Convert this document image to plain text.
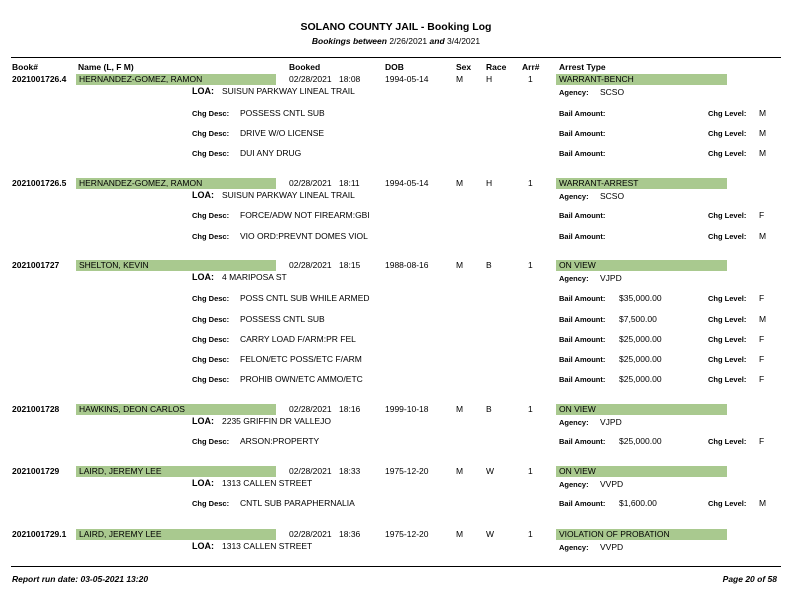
SOLANO COUNTY JAIL - Booking Log
Bookings between 2/26/2021 and 3/4/2021
Book#	Name (L, F M)	Booked	DOB	Sex Race Arr# Arrest Type
2021001726.4	HERNANDEZ-GOMEZ, RAMON	02/28/2021 18:08	1994-05-14	M	H	1	WARRANT-BENCH
LOA: SUISUN PARKWAY LINEAL TRAIL	Agency: SCSO
Chg Desc: POSSESS CNTL SUB	Bail Amount:	Chg Level: M
Chg Desc: DRIVE W/O LICENSE	Bail Amount:	Chg Level: M
Chg Desc: DUI ANY DRUG	Bail Amount:	Chg Level: M
2021001726.5	HERNANDEZ-GOMEZ, RAMON	02/28/2021 18:11	1994-05-14	M	H	1	WARRANT-ARREST
LOA: SUISUN PARKWAY LINEAL TRAIL	Agency: SCSO
Chg Desc: FORCE/ADW NOT FIREARM:GBI	Bail Amount:	Chg Level: F
Chg Desc: VIO ORD:PREVNT DOMES VIOL	Bail Amount:	Chg Level: M
2021001727	SHELTON, KEVIN	02/28/2021 18:15	1988-08-16	M	B	1	ON VIEW
LOA: 4 MARIPOSA ST	Agency: VJPD
Chg Desc: POSS CNTL SUB WHILE ARMED	Bail Amount: $35,000.00	Chg Level: F
Chg Desc: POSSESS CNTL SUB	Bail Amount: $7,500.00	Chg Level: M
Chg Desc: CARRY LOAD F/ARM:PR FEL	Bail Amount: $25,000.00	Chg Level: F
Chg Desc: FELON/ETC POSS/ETC F/ARM	Bail Amount: $25,000.00	Chg Level: F
Chg Desc: PROHIB OWN/ETC AMMO/ETC	Bail Amount: $25,000.00	Chg Level: F
2021001728	HAWKINS, DEON CARLOS	02/28/2021 18:16	1999-10-18	M	B	1	ON VIEW
LOA: 2235 GRIFFIN DR VALLEJO	Agency: VJPD
Chg Desc: ARSON:PROPERTY	Bail Amount: $25,000.00	Chg Level: F
2021001729	LAIRD, JEREMY LEE	02/28/2021 18:33	1975-12-20	M	W	1	ON VIEW
LOA: 1313 CALLEN STREET	Agency: VVPD
Chg Desc: CNTL SUB PARAPHERNALIA	Bail Amount: $1,600.00	Chg Level: M
2021001729.1	LAIRD, JEREMY LEE	02/28/2021 18:36	1975-12-20	M	W	1	VIOLATION OF PROBATION
LOA: 1313 CALLEN STREET	Agency: VVPD
Report run date: 03-05-2021 13:20	Page 20 of 58
